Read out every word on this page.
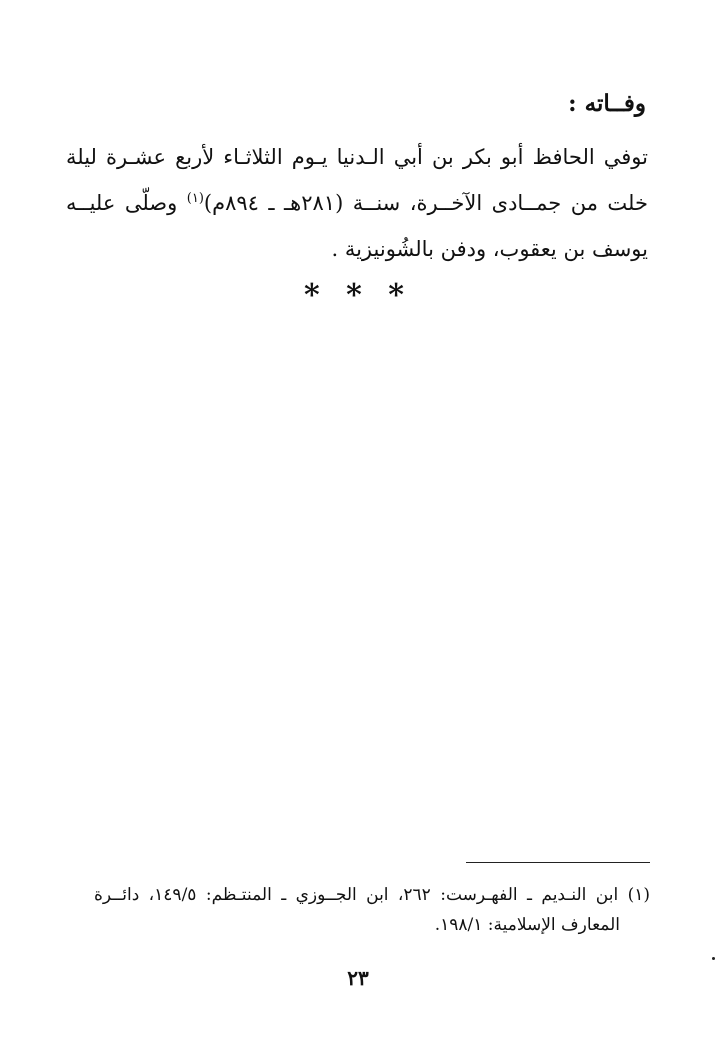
وفــاته :
توفي الحافظ أبو بكر بن أبي الـدنيا يـوم الثلاثـاء لأربع عشـرة ليلة
خلت من جمــادى الآخــرة، سنــة (٢٨١هـ ـ ٨٩٤م)$^{(١)}$ وصلّى عليــه
يوسف بن يعقوب، ودفن بالشُونيزية .
* * *
(١) ابن النـديم ـ الفهـرست: ٢٦٢، ابن الجــوزي ـ المنتـظم: ١٤٩/٥، دائــرة
المعارف الإسلامية: ١٩٨/١.
٢٣
